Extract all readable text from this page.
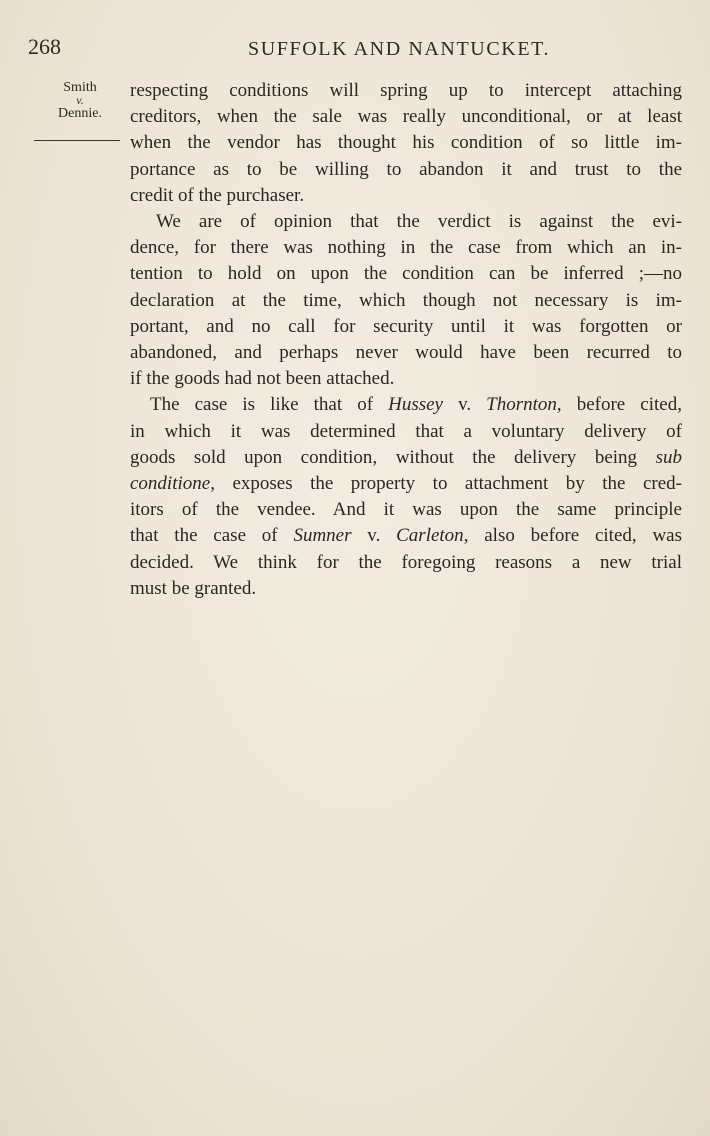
268	SUFFOLK AND NANTUCKET.
Smith
v.
Dennie.
respecting conditions will spring up to intercept attaching
creditors, when the sale was really unconditional, or at least
when the vendor has thought his condition of so little im-
portance as to be willing to abandon it and trust to the
credit of the purchaser.
We are of opinion that the verdict is against the evi-
dence, for there was nothing in the case from which an in-
tention to hold on upon the condition can be inferred ;—no
declaration at the time, which though not necessary is im-
portant, and no call for security until it was forgotten or
abandoned, and perhaps never would have been recurred to
if the goods had not been attached.
The case is like that of Hussey v. Thornton, before cited,
in which it was determined that a voluntary delivery of
goods sold upon condition, without the delivery being sub
conditione, exposes the property to attachment by the cred-
itors of the vendee. And it was upon the same principle
that the case of Sumner v. Carleton, also before cited, was
decided. We think for the foregoing reasons a new trial
must be granted.
